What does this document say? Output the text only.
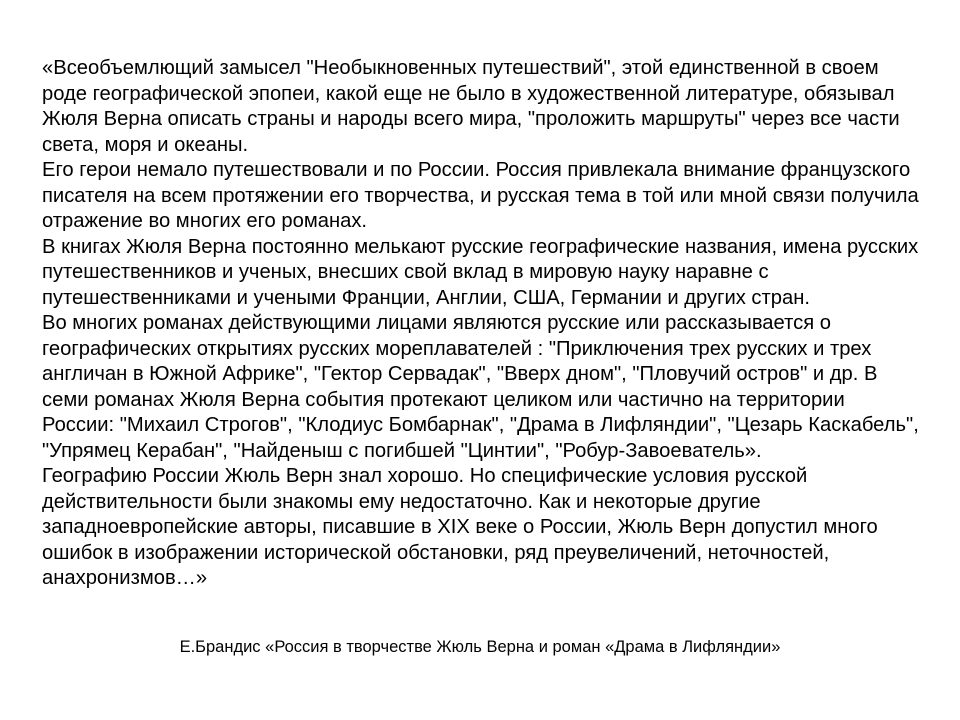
«Всеобъемлющий замысел "Необыкновенных путешествий", этой единственной в своем роде географической эпопеи, какой еще не было в художественной литературе, обязывал Жюля Верна описать страны и народы всего мира, "проложить маршруты" через все части света, моря и океаны.

Его герои немало путешествовали и по России. Россия привлекала внимание французского писателя на всем протяжении его творчества, и русская тема в той или мной связи получила отражение во многих его романах.

В книгах Жюля Верна постоянно мелькают русские географические названия, имена русских путешественников и ученых, внесших свой вклад в мировую науку наравне с путешественниками и учеными Франции, Англии, США, Германии и других стран.

Во многих романах действующими лицами являются русские или рассказывается о географических открытиях русских мореплавателей : "Приключения трех русских и трех англичан в Южной Африке", "Гектор Сервадак", "Вверх дном", "Пловучий остров" и др. В семи романах Жюля Верна события протекают целиком или частично на территории России: "Михаил Строгов", "Клодиус Бомбарнак", "Драма в Лифляндии", "Цезарь Каскабель", "Упрямец Керабан", "Найденыш с погибшей "Цинтии", "Робур-Завоеватель».

Географию России Жюль Верн знал хорошо. Но специфические условия русской действительности были знакомы ему недостаточно. Как и некоторые другие западноевропейские авторы, писавшие в XIX веке о России, Жюль Верн допустил много ошибок в изображении исторической обстановки, ряд преувеличений, неточностей, анахронизмов…»

Е.Брандис «Россия в творчестве Жюль Верна и роман «Драма в Лифляндии»
